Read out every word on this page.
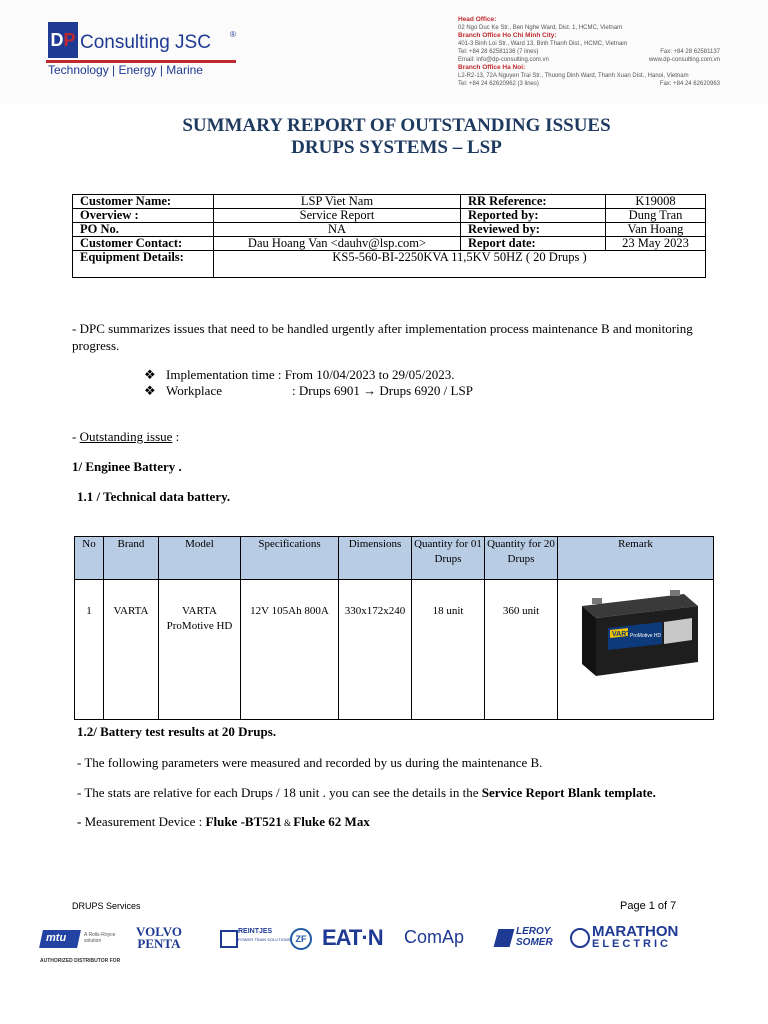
DP Consulting JSC ®
Technology | Energy | Marine
Head Office:
02 Ngo Duc Ke Str., Ben Nghe Ward, Dist. 1, HCMC, Vietnam
Branch Office Ho Chi Minh City:
401-3 Binh Loi Str., Ward 13, Binh Thanh Dist., HCMC, Vietnam
Tel: +84 28 62581136 (7 lines)	Fax: +84 28 62581137
Email: info@dp-consulting.com.vn	www.dp-consulting.com.vn
Branch Office Ha Noi:
L2-R2-13, 72A Nguyen Trai Str., Thuong Dinh Ward, Thanh Xuan Dist., Hanoi, Vietnam
Tel: +84 24 62620962 (3 lines)	Fax: +84 24 62620963
SUMMARY REPORT OF OUTSTANDING ISSUES
DRUPS SYSTEMS – LSP
Customer Name:	LSP Viet Nam	RR Reference:	K19008
Overview :	Service Report	Reported by:	Dung Tran
PO No.	NA	Reviewed by:	Van Hoang
Customer Contact:	Dau Hoang Van <dauhv@lsp.com>	Report date:	23 May 2023
Equipment Details:	KS5-560-BI-2250KVA 11,5KV 50HZ ( 20 Drups )		
- DPC summarizes issues that need to be handled urgently after implementation process maintenance B and monitoring progress.
❖ Implementation time
: From 10/04/2023 to 29/05/2023.
❖ Workplace	: Drups 6901 → Drups 6920 / LSP
- Outstanding issue :
1/ Enginee Battery .
1.1 / Technical data battery.
No	Brand	Model	Specifications	Dimensions	Quantity for 01 Drups	Quantity for 20 Drups	Remark
1	VARTA	VARTA ProMotive HD	12V 105Ah 800A	330x172x240	18 unit	360 unit	VARTA
ProMotive HD
1.2/ Battery test results at 20 Drups.
- The following parameters were measured and recorded by us during the maintenance B.
- The stats are relative for each Drups / 18 unit . you can see the details in the Service Report Blank template.
- Measurement Device : Fluke -BT521 & Fluke 62 Max
DRUPS Services	Page 1 of 7
mtu	A Rolls-Royce solution
AUTHORIZED DISTRIBUTOR FOR
VOLVO
PENTA
REINTJES
POWER TRAIN SOLUTIONS ZF EAT·N ComAp	LEROY
SOMER
MARATHON
ELECTRIC
